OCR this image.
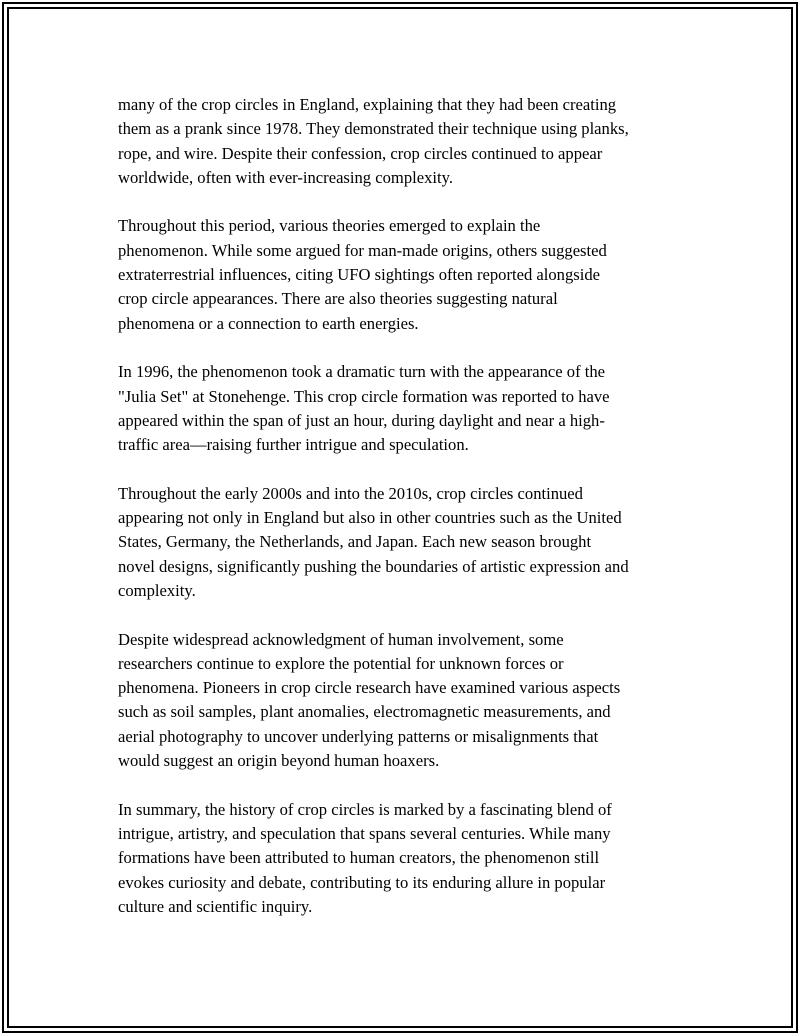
many of the crop circles in England, explaining that they had been creating
them as a prank since 1978. They demonstrated their technique using planks,
rope, and wire. Despite their confession, crop circles continued to appear
worldwide, often with ever-increasing complexity.

Throughout this period, various theories emerged to explain the
phenomenon. While some argued for man-made origins, others suggested
extraterrestrial influences, citing UFO sightings often reported alongside
crop circle appearances. There are also theories suggesting natural
phenomena or a connection to earth energies.

In 1996, the phenomenon took a dramatic turn with the appearance of the
"Julia Set" at Stonehenge. This crop circle formation was reported to have
appeared within the span of just an hour, during daylight and near a high-
traffic area—raising further intrigue and speculation.

Throughout the early 2000s and into the 2010s, crop circles continued
appearing not only in England but also in other countries such as the United
States, Germany, the Netherlands, and Japan. Each new season brought
novel designs, significantly pushing the boundaries of artistic expression and
complexity.

Despite widespread acknowledgment of human involvement, some
researchers continue to explore the potential for unknown forces or
phenomena. Pioneers in crop circle research have examined various aspects
such as soil samples, plant anomalies, electromagnetic measurements, and
aerial photography to uncover underlying patterns or misalignments that
would suggest an origin beyond human hoaxers.

In summary, the history of crop circles is marked by a fascinating blend of
intrigue, artistry, and speculation that spans several centuries. While many
formations have been attributed to human creators, the phenomenon still
evokes curiosity and debate, contributing to its enduring allure in popular
culture and scientific inquiry.
